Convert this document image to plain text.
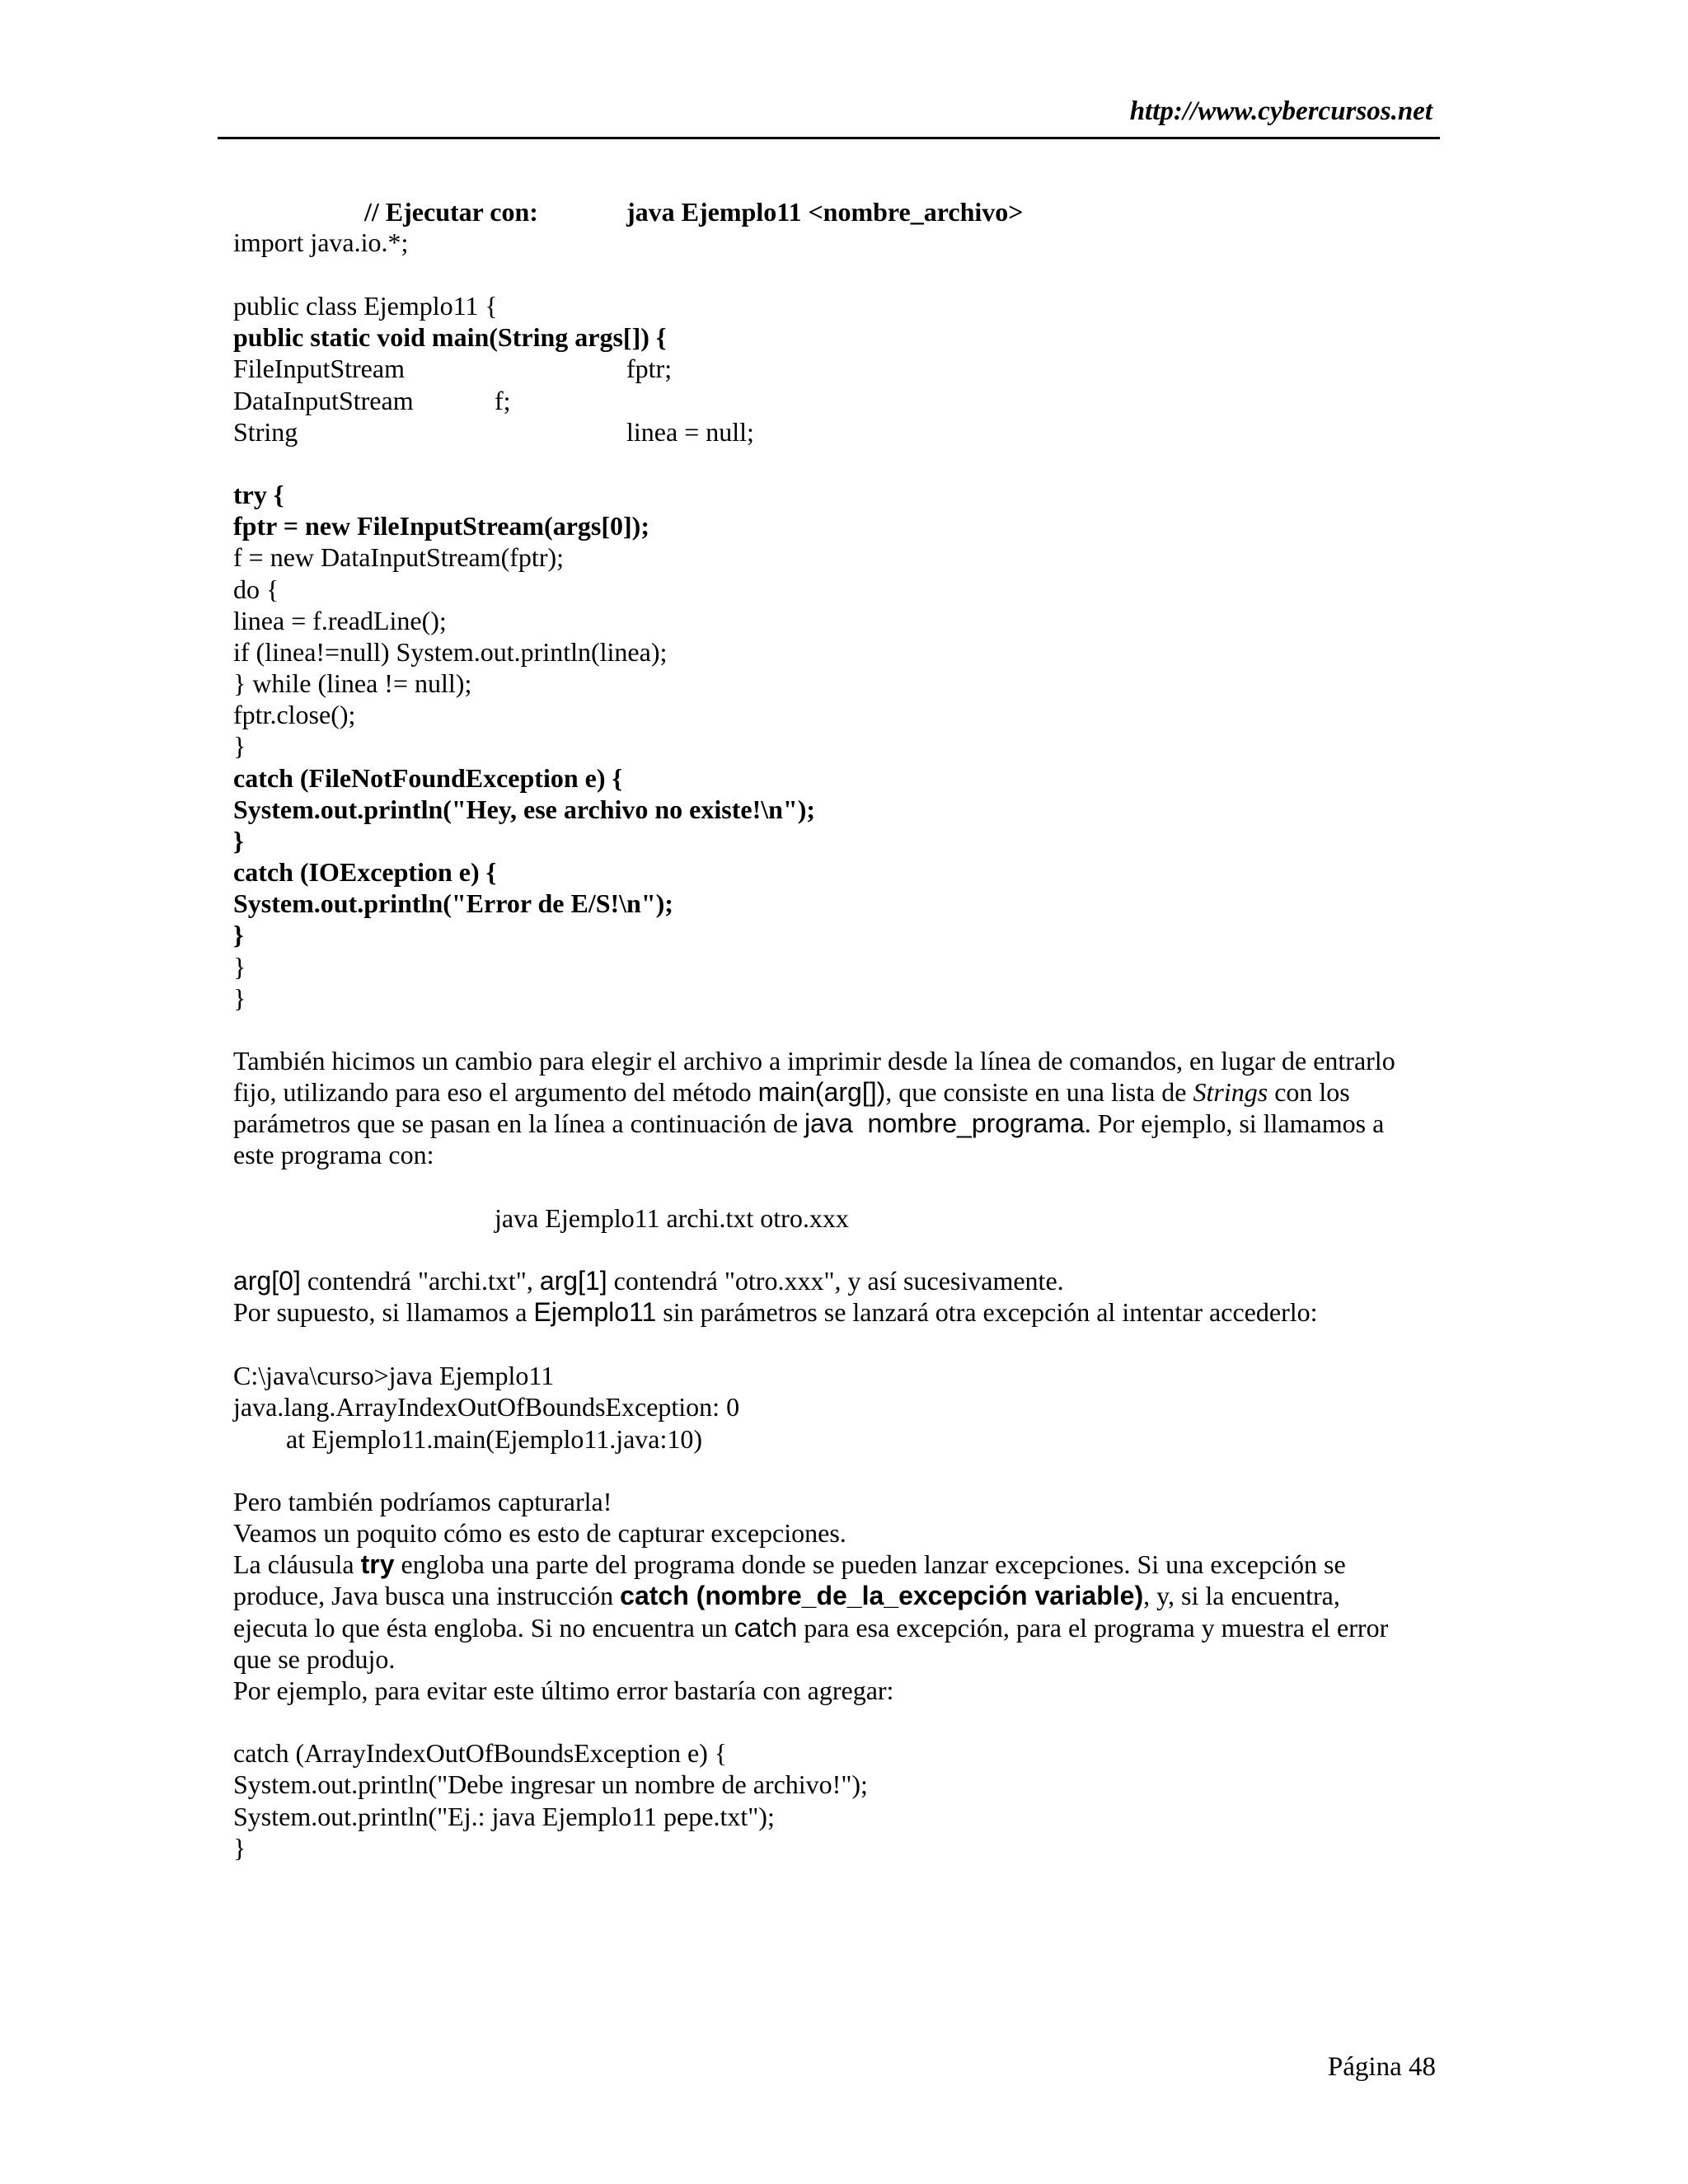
http://www.cybercursos.net
// Ejecutar con:	java Ejemplo11 <nombre_archivo>
import java.io.*;
public class Ejemplo11 {
public static void main(String args[]) {
FileInputStream	fptr;
DataInputStream	f;
String	linea = null;
try {
fptr = new FileInputStream(args[0]);
f = new DataInputStream(fptr);
do {
linea = f.readLine();
if (linea!=null) System.out.println(linea);
} while (linea != null);
fptr.close();
}
catch (FileNotFoundException e) {
System.out.println("Hey, ese archivo no existe!\n");
}
catch (IOException e) {
System.out.println("Error de E/S!\n");
}
}
}
También hicimos un cambio para elegir el archivo a imprimir desde la línea de comandos, en lugar de entrarlo
fijo, utilizando para eso el argumento del método main(arg[]), que consiste en una lista de Strings con los
parámetros que se pasan en la línea a continuación de java  nombre_programa. Por ejemplo, si llamamos a
este programa con:
java Ejemplo11 archi.txt otro.xxx
arg[0] contendrá "archi.txt", arg[1] contendrá "otro.xxx", y así sucesivamente.
Por supuesto, si llamamos a Ejemplo11 sin parámetros se lanzará otra excepción al intentar accederlo:
C:\java\curso>java Ejemplo11
java.lang.ArrayIndexOutOfBoundsException: 0
at Ejemplo11.main(Ejemplo11.java:10)
Pero también podríamos capturarla!
Veamos un poquito cómo es esto de capturar excepciones.
La cláusula try engloba una parte del programa donde se pueden lanzar excepciones. Si una excepción se
produce, Java busca una instrucción catch (nombre_de_la_excepción variable), y, si la encuentra,
ejecuta lo que ésta engloba. Si no encuentra un catch para esa excepción, para el programa y muestra el error
que se produjo.
Por ejemplo, para evitar este último error bastaría con agregar:
catch (ArrayIndexOutOfBoundsException e) {
System.out.println("Debe ingresar un nombre de archivo!");
System.out.println("Ej.: java Ejemplo11 pepe.txt");
}
Página 48
